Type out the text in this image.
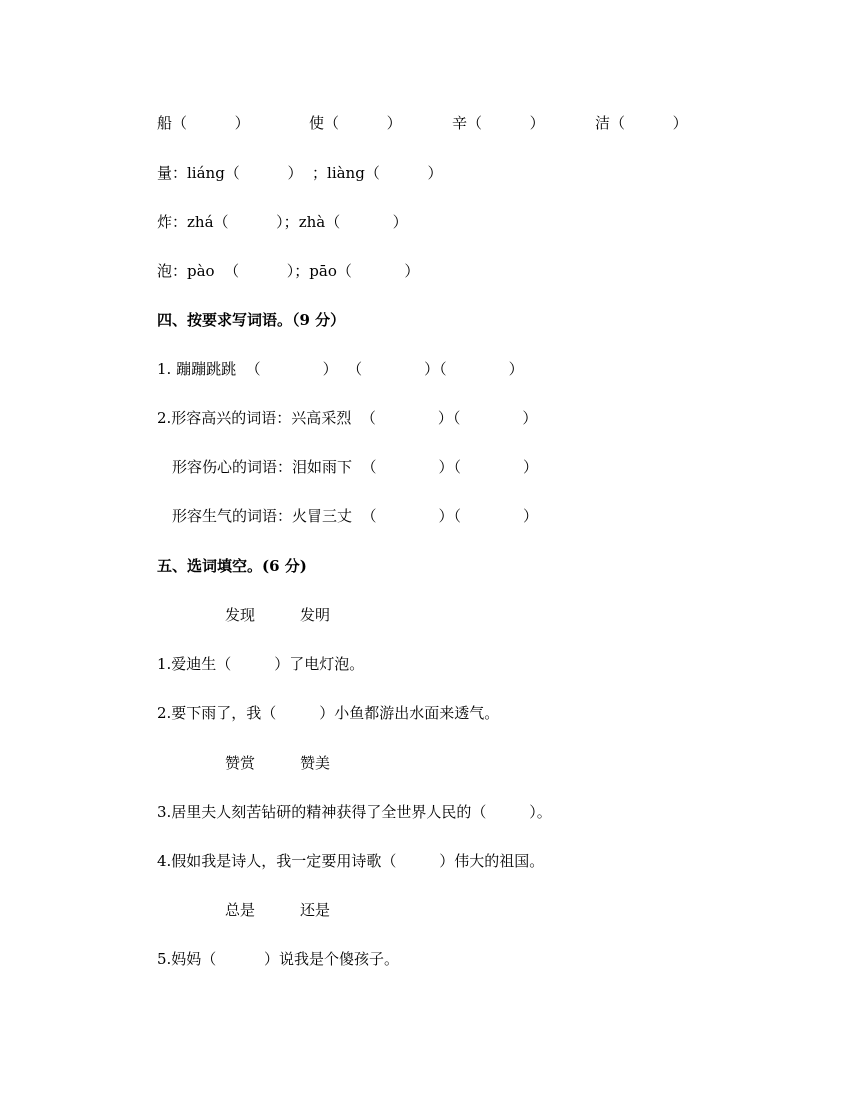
船（          ）	使（          ）	辛（          ）	洁（          ）
量：liáng（          ）  ；liàng（          ）
炸：zhá（          ）；zhà（           ）
泡：pào  （          ）；pāo（           ）
四、按要求写词语。（9 分）
1. 蹦蹦跳跳  （             ）  （             ）（             ）
2.形容高兴的词语：兴高采烈  （             ）（             ）
形容伤心的词语：泪如雨下  （             ）（             ）
形容生气的词语：火冒三丈  （             ）（             ）
五、选词填空。(6 分)
发现	发明
1.爱迪生（         ）了电灯泡。
2.要下雨了，我（         ）小鱼都游出水面来透气。
赞赏	赞美
3.居里夫人刻苦钻研的精神获得了全世界人民的（         ）。
4.假如我是诗人，我一定要用诗歌（         ）伟大的祖国。
总是	还是
5.妈妈（          ）说我是个傻孩子。
